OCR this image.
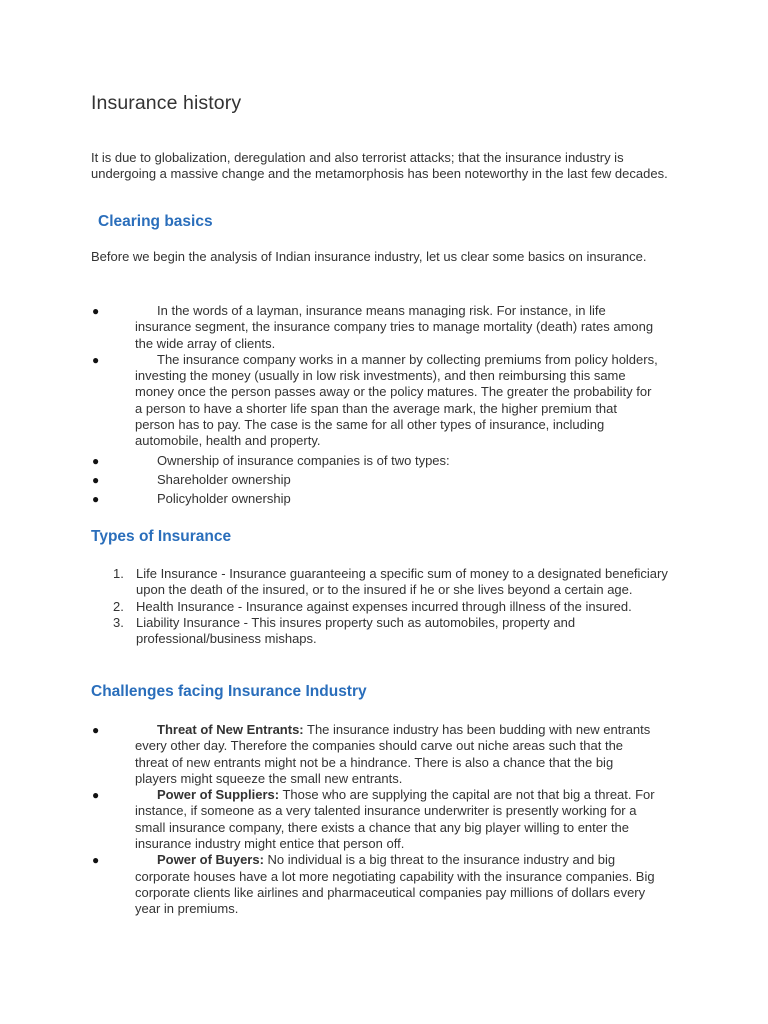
Insurance history

It is due to globalization, deregulation and also terrorist attacks; that the insurance industry is undergoing a massive change and the metamorphosis has been noteworthy in the last few decades.

Clearing basics

Before we begin the analysis of Indian insurance industry, let us clear some basics on insurance.

●	In the words of a layman, insurance means managing risk. For instance, in life insurance segment, the insurance company tries to manage mortality (death) rates among the wide array of clients.
●	The insurance company works in a manner by collecting premiums from policy holders, investing the money (usually in low risk investments), and then reimbursing this same money once the person passes away or the policy matures. The greater the probability for a person to have a shorter life span than the average mark, the higher premium that person has to pay. The case is the same for all other types of insurance, including automobile, health and property.
●	Ownership of insurance companies is of two types:
●	Shareholder ownership
●	Policyholder ownership
Types of Insurance
1. Life Insurance - Insurance guaranteeing a specific sum of money to a designated beneficiary upon the death of the insured, or to the insured if he or she lives beyond a certain age.
2. Health Insurance - Insurance against expenses incurred through illness of the insured.
3. Liability Insurance - This insures property such as automobiles, property and professional/business mishaps.
Challenges facing Insurance Industry
●	Threat of New Entrants: The insurance industry has been budding with new entrants every other day. Therefore the companies should carve out niche areas such that the threat of new entrants might not be a hindrance. There is also a chance that the big players might squeeze the small new entrants.
●	Power of Suppliers: Those who are supplying the capital are not that big a threat. For instance, if someone as a very talented insurance underwriter is presently working for a small insurance company, there exists a chance that any big player willing to enter the insurance industry might entice that person off.
●	Power of Buyers: No individual is a big threat to the insurance industry and big corporate houses have a lot more negotiating capability with the insurance companies. Big corporate clients like airlines and pharmaceutical companies pay millions of dollars every year in premiums.
